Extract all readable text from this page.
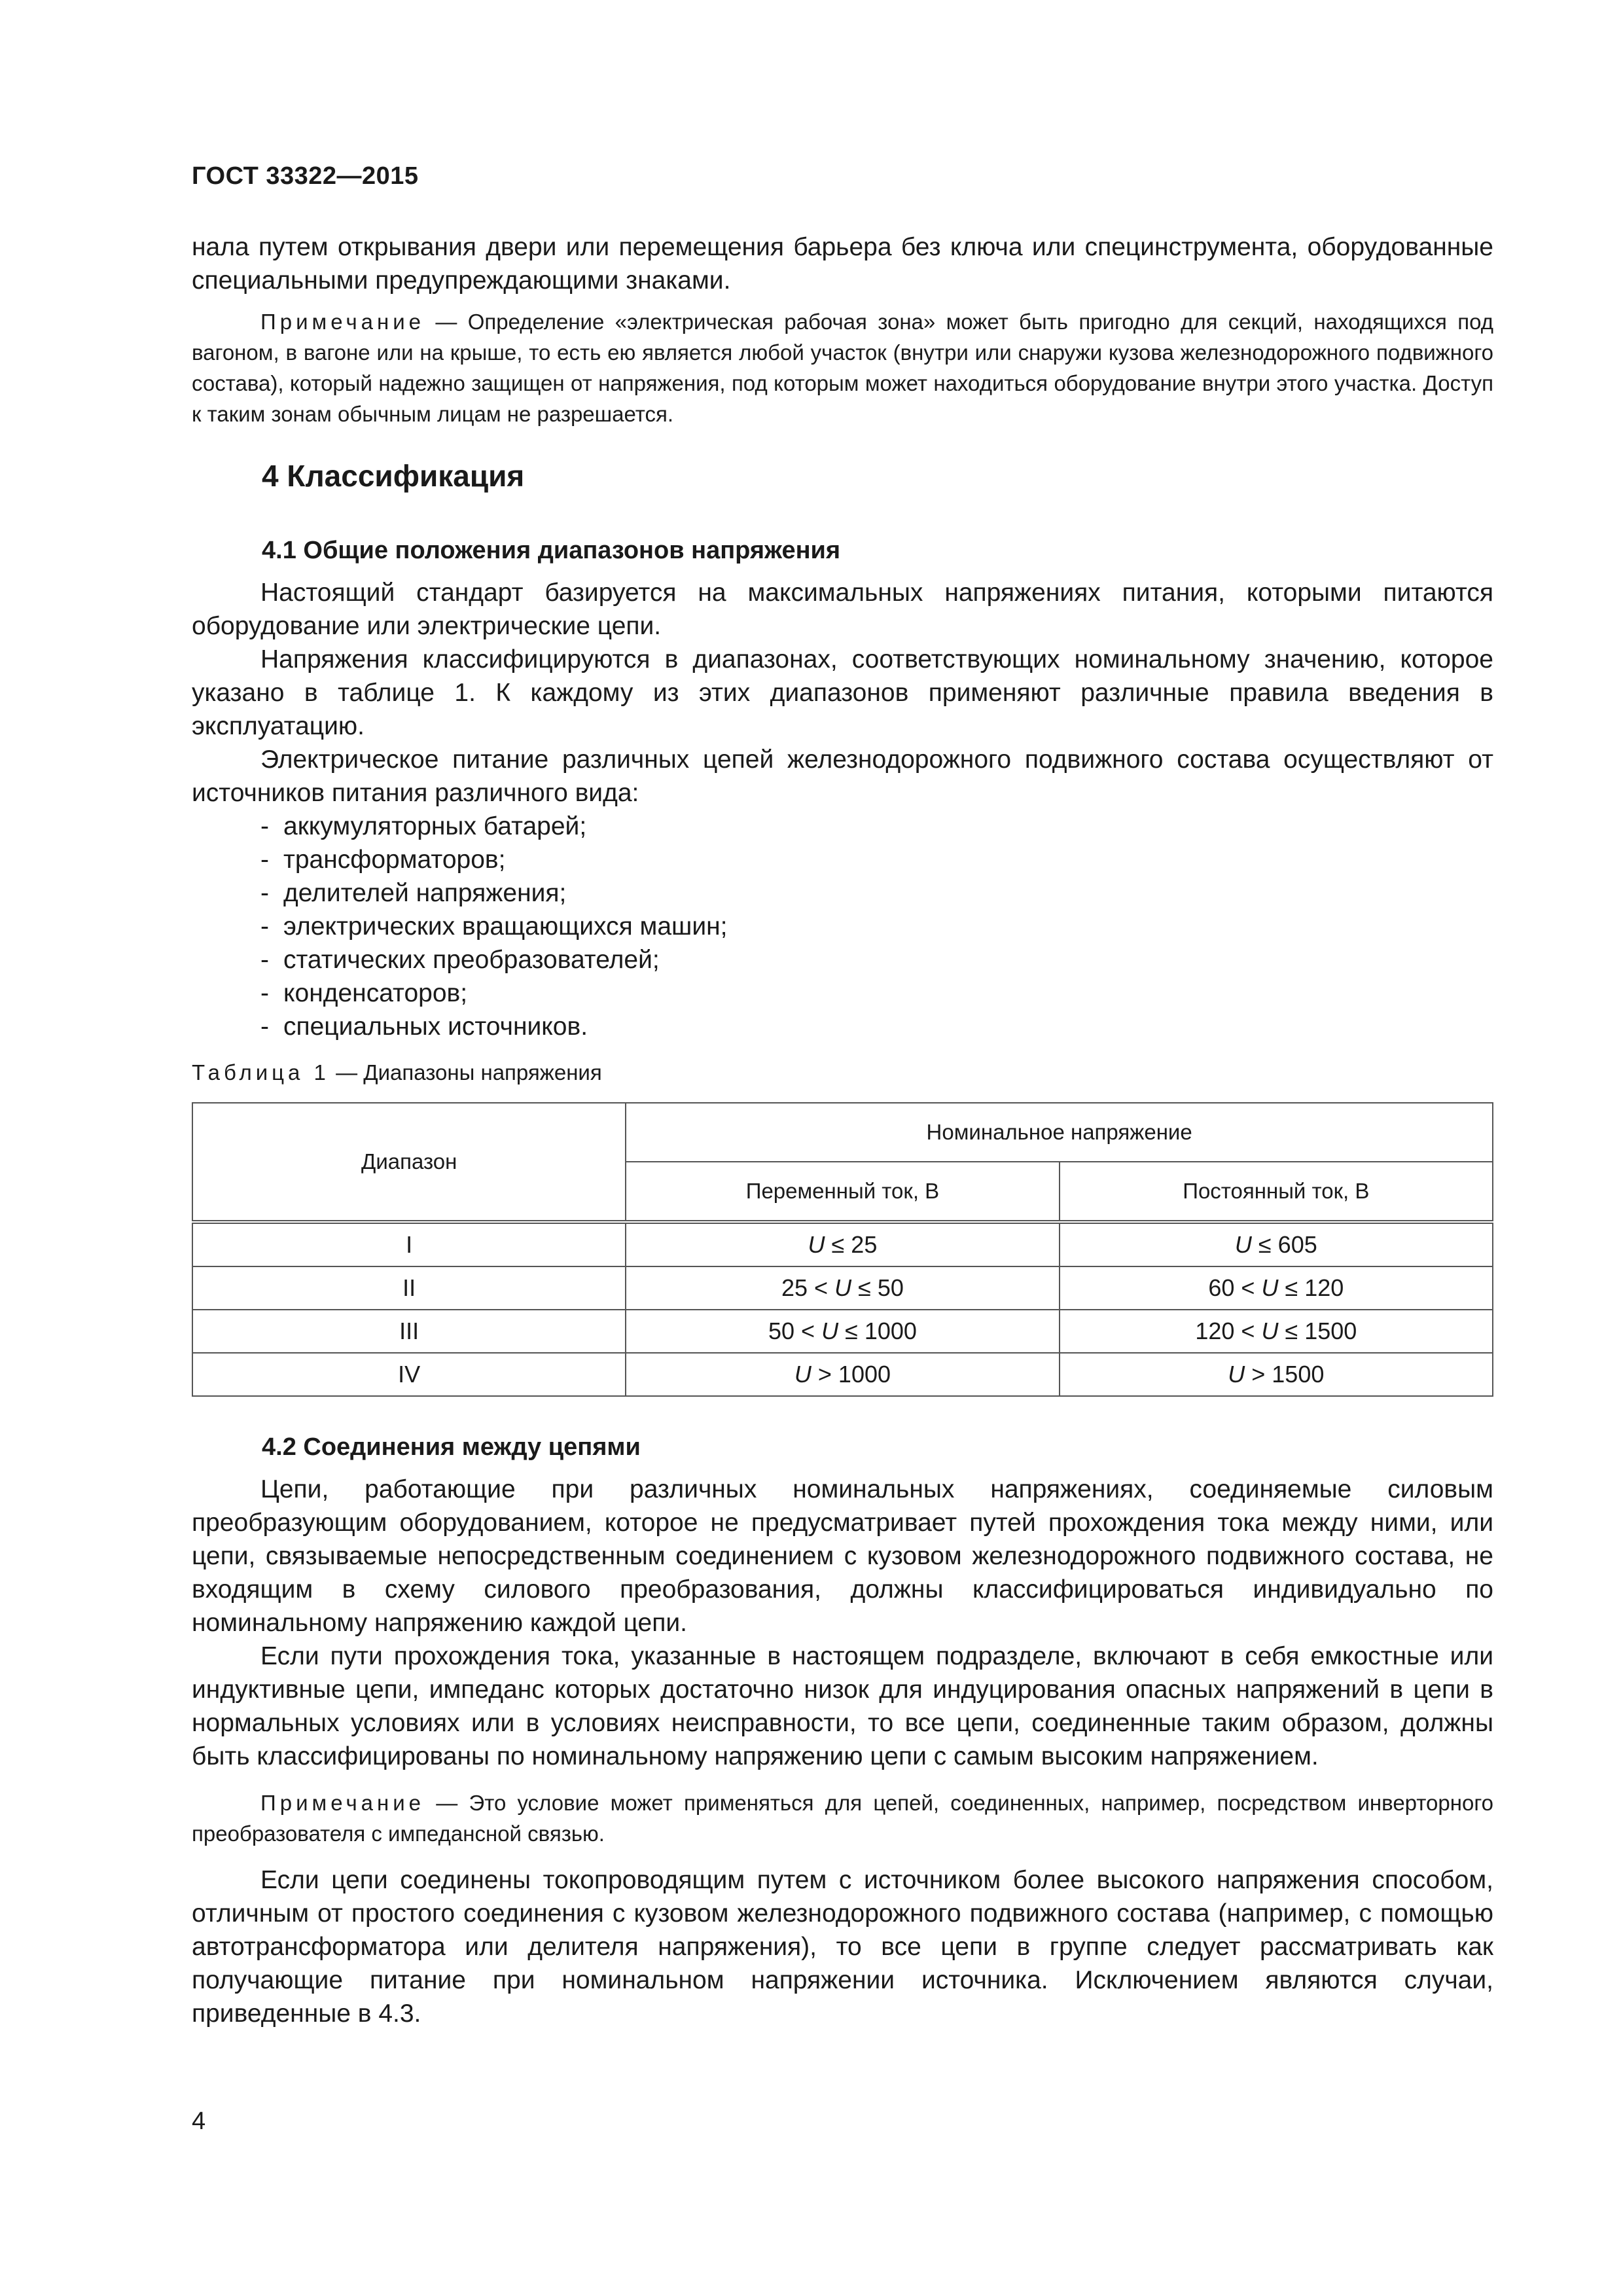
ГОСТ 33322—2015

нала путем открывания двери или перемещения барьера без ключа или специнструмента, оборудованные специальными предупреждающими знаками.

Примечание — Определение «электрическая рабочая зона» может быть пригодно для секций, находящихся под вагоном, в вагоне или на крыше, то есть ею является любой участок (внутри или снаружи кузова железнодорожного подвижного состава), который надежно защищен от напряжения, под которым может находиться оборудование внутри этого участка. Доступ к таким зонам обычным лицам не разрешается.

4 Классификация
4.1 Общие положения диапазонов напряжения

Настоящий стандарт базируется на максимальных напряжениях питания, которыми питаются оборудование или электрические цепи.

Напряжения классифицируются в диапазонах, соответствующих номинальному значению, которое указано в таблице 1. К каждому из этих диапазонов применяют различные правила введения в эксплуатацию.

Электрическое питание различных цепей железнодорожного подвижного состава осуществляют от источников питания различного вида:

- аккумуляторных батарей;
- трансформаторов;
- делителей напряжения;
- электрических вращающихся машин;
- статических преобразователей;
- конденсаторов;
- специальных источников.
Таблица 1 — Диапазоны напряжения
Диапазон	Номинальное напряжение	
	Переменный ток, В	Постоянный ток, В
I	U ≤ 25	U ≤ 605
II	25 < U ≤ 50	60 < U ≤ 120
III	50 < U ≤ 1000	120 < U ≤ 1500
IV	U > 1000	U > 1500
4.2 Соединения между цепями

Цепи, работающие при различных номинальных напряжениях, соединяемые силовым преобразующим оборудованием, которое не предусматривает путей прохождения тока между ними, или цепи, связываемые непосредственным соединением с кузовом железнодорожного подвижного состава, не входящим в схему силового преобразования, должны классифицироваться индивидуально по номинальному напряжению каждой цепи.

Если пути прохождения тока, указанные в настоящем подразделе, включают в себя емкостные или индуктивные цепи, импеданс которых достаточно низок для индуцирования опасных напряжений в цепи в нормальных условиях или в условиях неисправности, то все цепи, соединенные таким образом, должны быть классифицированы по номинальному напряжению цепи с самым высоким напряжением.

Примечание — Это условие может применяться для цепей, соединенных, например, посредством инверторного преобразователя с импедансной связью.

Если цепи соединены токопроводящим путем с источником более высокого напряжения способом, отличным от простого соединения с кузовом железнодорожного подвижного состава (например, с помощью автотрансформатора или делителя напряжения), то все цепи в группе следует рассматривать как получающие питание при номинальном напряжении источника. Исключением являются случаи, приведенные в 4.3.

4
